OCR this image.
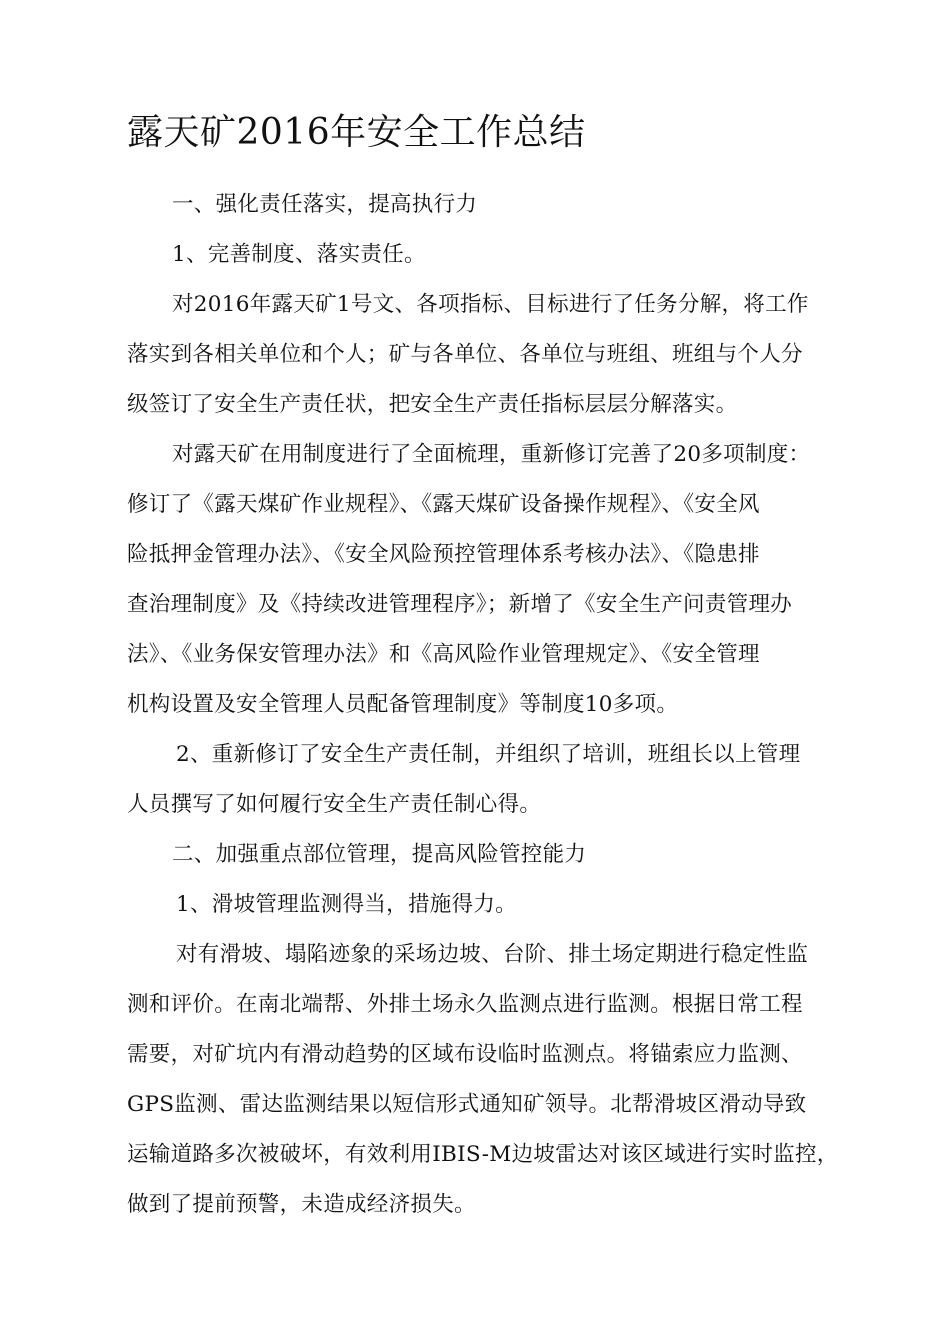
露天矿2016年安全工作总结
一、强化责任落实，提高执行力
1、完善制度、落实责任。
对2016年露天矿1号文、各项指标、目标进行了任务分解，将工作
落实到各相关单位和个人；矿与各单位、各单位与班组、班组与个人分
级签订了安全生产责任状，把安全生产责任指标层层分解落实。
对露天矿在用制度进行了全面梳理，重新修订完善了20多项制度：
修订了《露天煤矿作业规程》、《露天煤矿设备操作规程》、《安全风
险抵押金管理办法》、《安全风险预控管理体系考核办法》、《隐患排
查治理制度》及《持续改进管理程序》；新增了《安全生产问责管理办
法》、《业务保安管理办法》和《高风险作业管理规定》、《安全管理
机构设置及安全管理人员配备管理制度》等制度10多项。
2、重新修订了安全生产责任制，并组织了培训，班组长以上管理
人员撰写了如何履行安全生产责任制心得。
二、加强重点部位管理，提高风险管控能力
1、滑坡管理监测得当，措施得力。
对有滑坡、塌陷迹象的采场边坡、台阶、排土场定期进行稳定性监
测和评价。在南北端帮、外排土场永久监测点进行监测。根据日常工程
需要，对矿坑内有滑动趋势的区域布设临时监测点。将锚索应力监测、
GPS监测、雷达监测结果以短信形式通知矿领导。北帮滑坡区滑动导致
运输道路多次被破坏，有效利用IBIS-M边坡雷达对该区域进行实时监控，
做到了提前预警，未造成经济损失。
